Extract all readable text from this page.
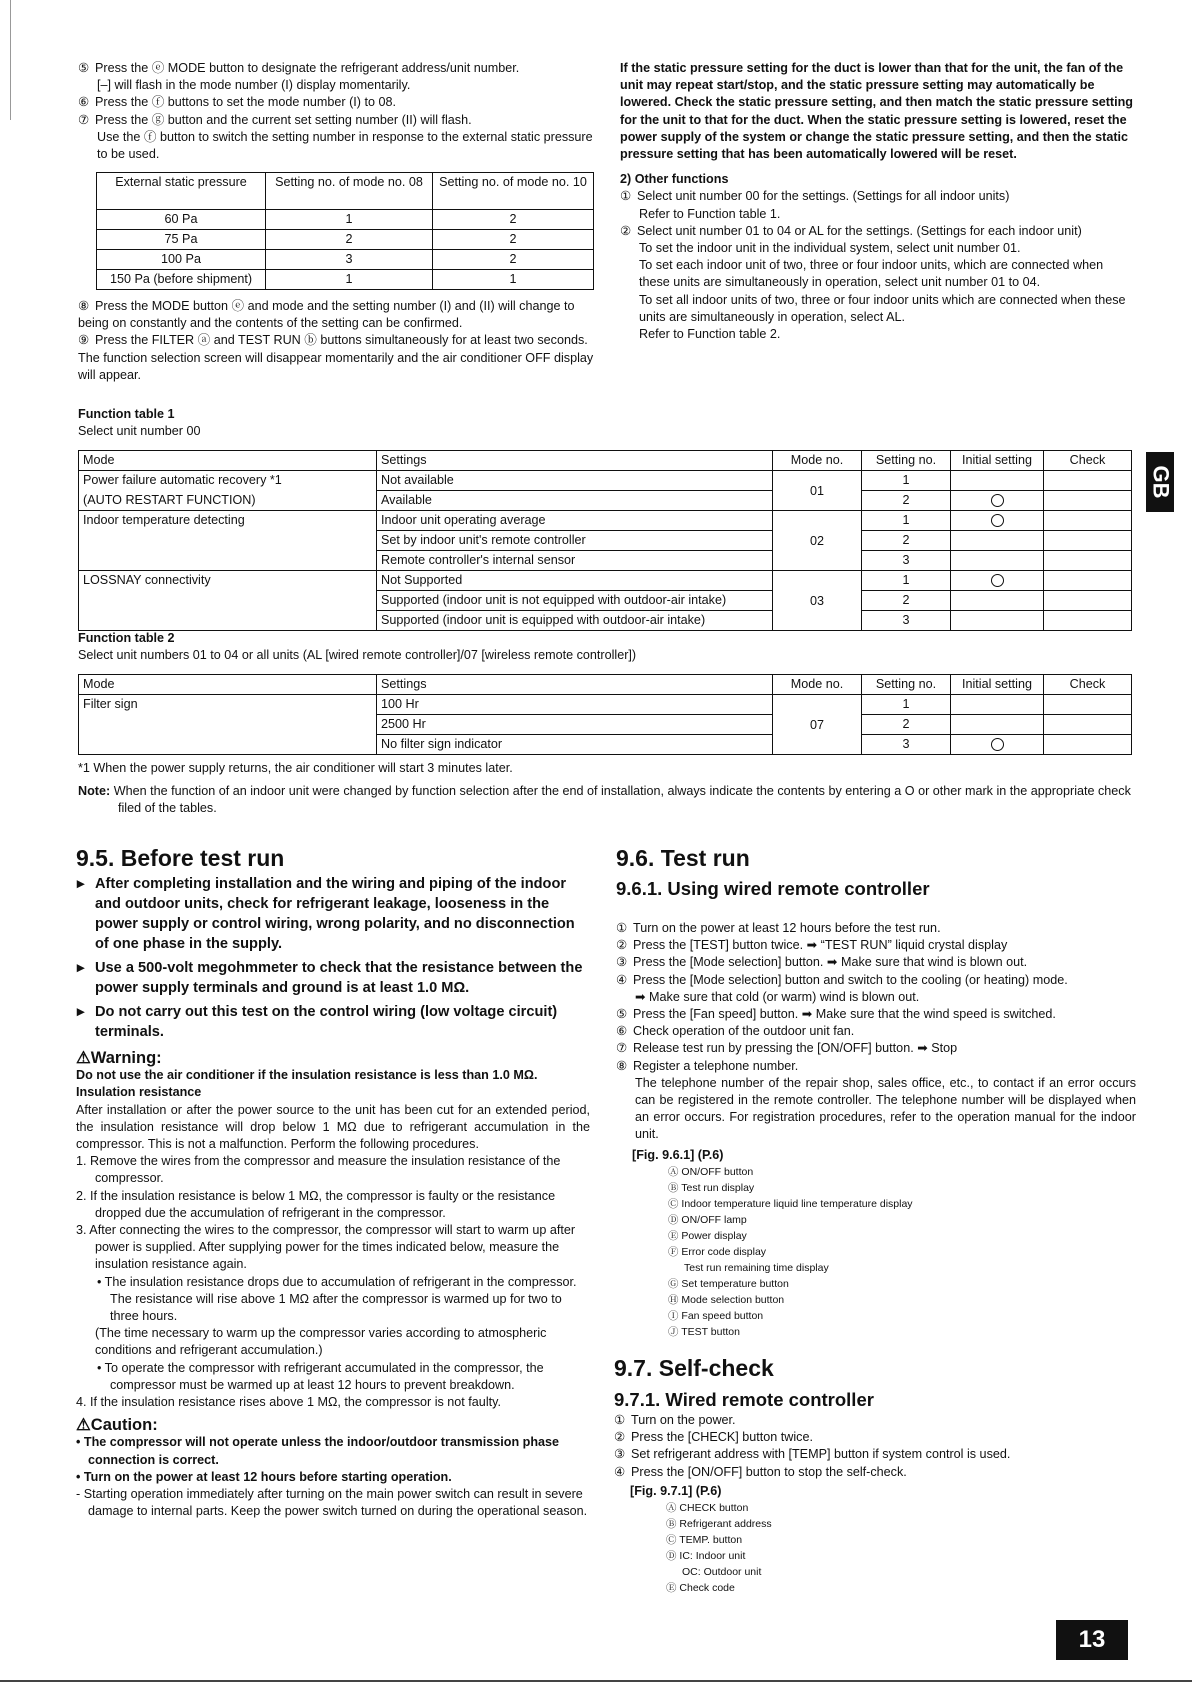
⑤ Press the ⓔ MODE button to designate the refrigerant address/unit number.

[–] will flash in the mode number (I) display momentarily.

⑥ Press the ⓕ buttons to set the mode number (I) to 08.

⑦ Press the ⓖ button and the current set setting number (II) will flash.

Use the ⓕ button to switch the setting number in response to the external static pressure to be used.

External static pressure	Setting no. of mode no. 08	Setting no. of mode no. 10
60 Pa	1	2
75 Pa	2	2
100 Pa	3	2
150 Pa (before shipment)	1	1

⑧ Press the MODE button ⓔ and mode and the setting number (I) and (II) will change to being on constantly and the contents of the setting can be confirmed.

⑨ Press the FILTER ⓐ and TEST RUN ⓑ buttons simultaneously for at least two seconds. The function selection screen will disappear momentarily and the air conditioner OFF display will appear.

If the static pressure setting for the duct is lower than that for the unit, the fan of the unit may repeat start/stop, and the static pressure setting may automatically be lowered. Check the static pressure setting, and then match the static pressure setting for the unit to that for the duct. When the static pressure setting is lowered, reset the power supply of the system or change the static pressure setting, and then the static pressure setting that has been automatically lowered will be reset.

2) Other functions

① Select unit number 00 for the settings. (Settings for all indoor units)

Refer to Function table 1.

② Select unit number 01 to 04 or AL for the settings. (Settings for each indoor unit)

To set the indoor unit in the individual system, select unit number 01.

To set each indoor unit of two, three or four indoor units, which are connected when these units are simultaneously in operation, select unit number 01 to 04.

To set all indoor units of two, three or four indoor units which are connected when these units are simultaneously in operation, select AL.

Refer to Function table 2.

GB

Function table 1

Select unit number 00

Mode	Settings	Mode no.	Setting no.	Initial setting	Check
Power failure automatic recovery *1	Not available	01	1		
(AUTO RESTART FUNCTION)	Available		2		
Indoor temperature detecting	Indoor unit operating average	02	1		
	Set by indoor unit's remote controller		2		
	Remote controller's internal sensor		3		
LOSSNAY connectivity	Not Supported	03	1		
	Supported (indoor unit is not equipped with outdoor-air intake)		2		
	Supported (indoor unit is equipped with outdoor-air intake)		3		

Function table 2

Select unit numbers 01 to 04 or all units (AL [wired remote controller]/07 [wireless remote controller])

Mode	Settings	Mode no.	Setting no.	Initial setting	Check
Filter sign	100 Hr	07	1		
	2500 Hr		2		
	No filter sign indicator		3		

*1 When the power supply returns, the air conditioner will start 3 minutes later.

Note: When the function of an indoor unit were changed by function selection after the end of installation, always indicate the contents by entering a O or other mark in the appropriate check filed of the tables.

9.5. Before test run

▸ After completing installation and the wiring and piping of the indoor and outdoor units, check for refrigerant leakage, looseness in the power supply or control wiring, wrong polarity, and no disconnection of one phase in the supply.

▸ Use a 500-volt megohmmeter to check that the resistance between the power supply terminals and ground is at least 1.0 MΩ.

▸ Do not carry out this test on the control wiring (low voltage circuit) terminals.

⚠Warning:

Do not use the air conditioner if the insulation resistance is less than 1.0 MΩ.

Insulation resistance

After installation or after the power source to the unit has been cut for an extended period, the insulation resistance will drop below 1 MΩ due to refrigerant accumulation in the compressor. This is not a malfunction. Perform the following procedures.

1. Remove the wires from the compressor and measure the insulation resistance of the compressor.

2. If the insulation resistance is below 1 MΩ, the compressor is faulty or the resistance dropped due the accumulation of refrigerant in the compressor.

3. After connecting the wires to the compressor, the compressor will start to warm up after power is supplied. After supplying power for the times indicated below, measure the insulation resistance again.

• The insulation resistance drops due to accumulation of refrigerant in the compressor. The resistance will rise above 1 MΩ after the compressor is warmed up for two to three hours.

(The time necessary to warm up the compressor varies according to atmospheric conditions and refrigerant accumulation.)

• To operate the compressor with refrigerant accumulated in the compressor, the compressor must be warmed up at least 12 hours to prevent breakdown.

4. If the insulation resistance rises above 1 MΩ, the compressor is not faulty.

⚠Caution:

• The compressor will not operate unless the indoor/outdoor transmission phase connection is correct.

• Turn on the power at least 12 hours before starting operation.

- Starting operation immediately after turning on the main power switch can result in severe damage to internal parts. Keep the power switch turned on during the operational season.

9.6. Test run
9.6.1. Using wired remote controller

① Turn on the power at least 12 hours before the test run.

② Press the [TEST] button twice. ➡ “TEST RUN” liquid crystal display

③ Press the [Mode selection] button. ➡ Make sure that wind is blown out.

④ Press the [Mode selection] button and switch to the cooling (or heating) mode.

➡ Make sure that cold (or warm) wind is blown out.

⑤ Press the [Fan speed] button. ➡ Make sure that the wind speed is switched.

⑥ Check operation of the outdoor unit fan.

⑦ Release test run by pressing the [ON/OFF] button. ➡ Stop

⑧ Register a telephone number.

The telephone number of the repair shop, sales office, etc., to contact if an error occurs can be registered in the remote controller. The telephone number will be displayed when an error occurs. For registration procedures, refer to the operation manual for the indoor unit.

[Fig. 9.6.1] (P.6)

Ⓐ ON/OFF button

Ⓑ Test run display

Ⓒ Indoor temperature liquid line temperature display

Ⓓ ON/OFF lamp

Ⓔ Power display

Ⓕ Error code display

Test run remaining time display

Ⓖ Set temperature button

Ⓗ Mode selection button

Ⓘ Fan speed button

Ⓙ TEST button

9.7. Self-check
9.7.1. Wired remote controller

① Turn on the power.

② Press the [CHECK] button twice.

③ Set refrigerant address with [TEMP] button if system control is used.

④ Press the [ON/OFF] button to stop the self-check.

[Fig. 9.7.1] (P.6)

Ⓐ CHECK button

Ⓑ Refrigerant address

Ⓒ TEMP. button

Ⓓ IC: Indoor unit

OC: Outdoor unit

Ⓔ Check code

13
